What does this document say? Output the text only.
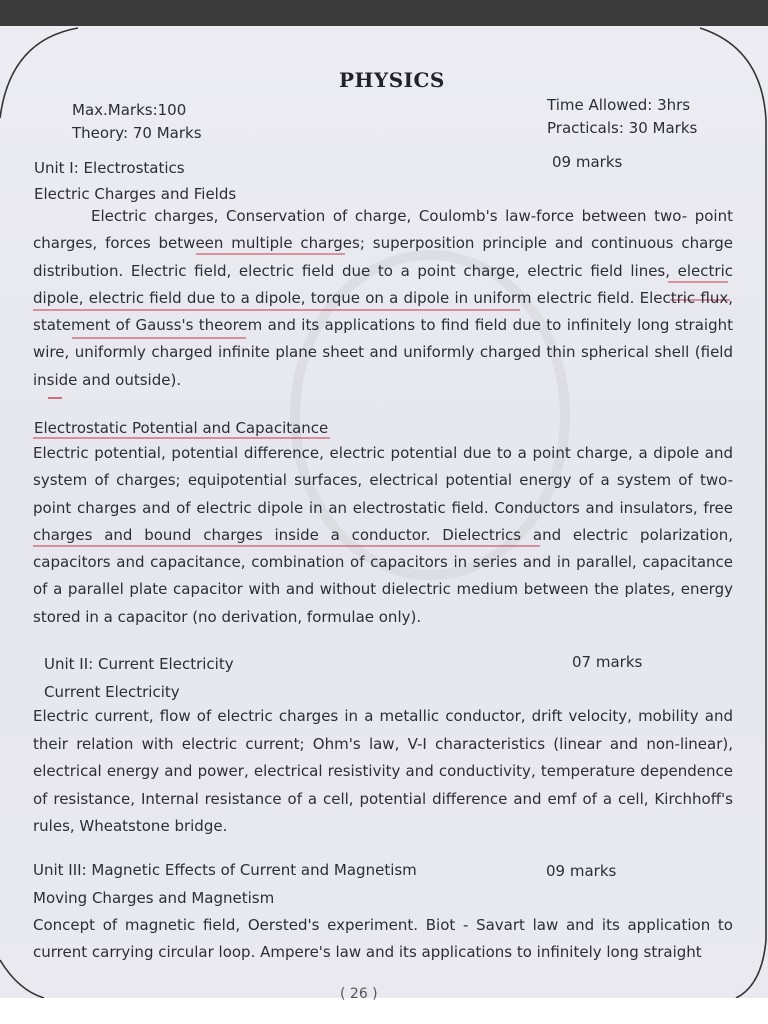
PHYSICS
Max.Marks:100
Theory: 70 Marks
Time Allowed: 3hrs
Practicals: 30 Marks
Unit I: Electrostatics	09 marks
Electric Charges and Fields
Electric charges, Conservation of charge, Coulomb's law-force between two- point charges, forces between multiple charges; superposition principle and continuous charge distribution. Electric field, electric field due to a point charge, electric field lines, electric dipole, electric field due to a dipole, torque on a dipole in uniform electric field. Electric flux, statement of Gauss's theorem and its applications to find field due to infinitely long straight wire, uniformly charged infinite plane sheet and uniformly charged thin spherical shell (field inside and outside).
Electrostatic Potential and Capacitance
Electric potential, potential difference, electric potential due to a point charge, a dipole and system of charges; equipotential surfaces, electrical potential energy of a system of two-point charges and of electric dipole in an electrostatic field. Conductors and insulators, free charges and bound charges inside a conductor. Dielectrics and electric polarization, capacitors and capacitance, combination of capacitors in series and in parallel, capacitance of a parallel plate capacitor with and without dielectric medium between the plates, energy stored in a capacitor (no derivation, formulae only).
Unit II: Current Electricity	07 marks
Current Electricity
Electric current, flow of electric charges in a metallic conductor, drift velocity, mobility and their relation with electric current; Ohm's law, V-I characteristics (linear and non-linear), electrical energy and power, electrical resistivity and conductivity, temperature dependence of resistance, Internal resistance of a cell, potential difference and emf of a cell, Kirchhoff's rules, Wheatstone bridge.
Unit III: Magnetic Effects of Current and Magnetism	09 marks
Moving Charges and Magnetism
Concept of magnetic field, Oersted's experiment. Biot - Savart law and its application to current carrying circular loop. Ampere's law and its applications to infinitely long straight
( 26 )
